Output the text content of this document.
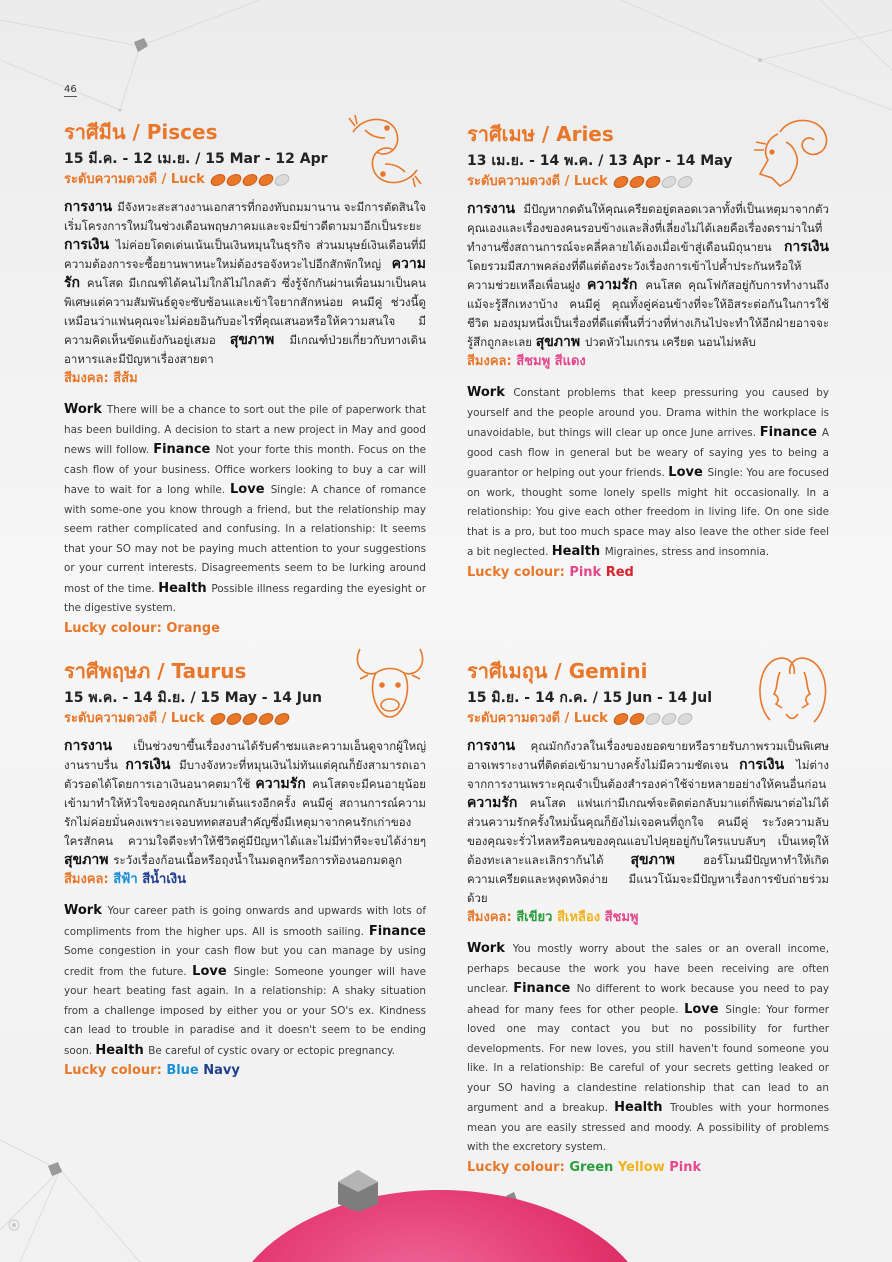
46
ราศีมีน / Pisces
15 มี.ค. - 12 เม.ย. / 15 Mar - 12 Apr
ระดับความดวงดี / Luck
การงาน มีจังหวะสะสางงานเอกสารที่กองทับถมมานาน จะมีการตัดสินใจเริ่มโครงการใหม่ในช่วงเดือนพฤษภาคมและจะมีข่าวดีตามมาอีกเป็นระยะ การเงิน ไม่ค่อยโดดเด่นเน้นเป็นเงินหมุนในธุรกิจ ส่วนมนุษย์เงินเดือนที่มีความต้องการจะซื้อยานพาหนะใหม่ต้องรอจังหวะไปอีกสักพักใหญ่ ความรัก คนโสด มีเกณฑ์ได้คนไม่ใกล้ไม่ไกลตัว ซึ่งรู้จักกันผ่านเพื่อนมาเป็นคนพิเศษแต่ความสัมพันธ์ดูจะซับซ้อนและเข้าใจยากสักหน่อย คนมีคู่ ช่วงนี้ดูเหมือนว่าแฟนคุณจะไม่ค่อยอินกับอะไรที่คุณเสนอหรือให้ความสนใจ มีความคิดเห็นขัดแย้งกันอยู่เสมอ สุขภาพ มีเกณฑ์ป่วยเกี่ยวกับทางเดินอาหารและมีปัญหาเรื่องสายตา
สีมงคล: สีส้ม
Work There will be a chance to sort out the pile of paperwork that has been building. A decision to start a new project in May and good news will follow. Finance Not your forte this month. Focus on the cash flow of your business. Office workers looking to buy a car will have to wait for a long while. Love Single: A chance of romance with some-one you know through a friend, but the relationship may seem rather complicated and confusing. In a relationship: It seems that your SO may not be paying much attention to your suggestions or your current interests. Disagreements seem to be lurking around most of the time. Health Possible illness regarding the eyesight or the digestive system.
Lucky colour: Orange
ราศีเมษ / Aries
13 เม.ย. - 14 พ.ค. / 13 Apr - 14 May
ระดับความดวงดี / Luck
การงาน มีปัญหากดดันให้คุณเครียดอยู่ตลอดเวลาทั้งที่เป็นเหตุมาจากตัวคุณเองและเรื่องของคนรอบข้างและสิ่งที่เลี่ยงไม่ได้เลยคือเรื่องดราม่าในที่ทำงานซึ่งสถานการณ์จะคลี่คลายได้เองเมื่อเข้าสู่เดือนมิถุนายน การเงิน โดยรวมมีสภาพคล่องที่ดีแต่ต้องระวังเรื่องการเข้าไปค้ำประกันหรือให้ความช่วยเหลือเพื่อนฝูง ความรัก คนโสด คุณโฟกัสอยู่กับการทำงานถึงแม้จะรู้สึกเหงาบ้าง คนมีคู่ คุณทั้งคู่ค่อนข้างที่จะให้อิสระต่อกันในการใช้ชีวิต มองมุมหนึ่งเป็นเรื่องที่ดีแต่พื้นที่ว่างที่ห่างเกินไปจะทำให้อีกฝ่ายอาจจะรู้สึกถูกละเลย สุขภาพ ปวดหัวไมเกรน เครียด นอนไม่หลับ
สีมงคล: สีชมพู สีแดง
Work Constant problems that keep pressuring you caused by yourself and the people around you. Drama within the workplace is unavoidable, but things will clear up once June arrives. Finance A good cash flow in general but be weary of saying yes to being a guarantor or helping out your friends. Love Single: You are focused on work, thought some lonely spells might hit occasionally. In a relationship: You give each other freedom in living life. On one side that is a pro, but too much space may also leave the other side feel a bit neglected. Health Migraines, stress and insomnia.
Lucky colour: Pink Red
ราศีพฤษภ / Taurus
15 พ.ค. - 14 มิ.ย. / 15 May - 14 Jun
ระดับความดวงดี / Luck
การงาน เป็นช่วงขาขึ้นเรื่องงานได้รับคำชมและความเอ็นดูจากผู้ใหญ่ งานราบรื่น การเงิน มีบางจังหวะที่หมุนเงินไม่ทันแต่คุณก็ยังสามารถเอาตัวรอดได้โดยการเอาเงินอนาคตมาใช้ ความรัก คนโสดจะมีคนอายุน้อยเข้ามาทำให้หัวใจของคุณกลับมาเต้นแรงอีกครั้ง คนมีคู่ สถานการณ์ความรักไม่ค่อยมั่นคงเพราะเจอบททดสอบสำคัญซึ่งมีเหตุมาจากคนรักเก่าของใครสักคน ความใจดีจะทำให้ชีวิตคู่มีปัญหาได้และไม่มีท่าทีจะจบได้ง่ายๆ สุขภาพ ระวังเรื่องก้อนเนื้อหรือถุงน้ำในมดลูกหรือการท้องนอกมดลูก
สีมงคล: สีฟ้า สีน้ำเงิน
Work Your career path is going onwards and upwards with lots of compliments from the higher ups. All is smooth sailing. Finance Some congestion in your cash flow but you can manage by using credit from the future. Love Single: Someone younger will have your heart beating fast again. In a relationship: A shaky situation from a challenge imposed by either you or your SO's ex. Kindness can lead to trouble in paradise and it doesn't seem to be ending soon. Health Be careful of cystic ovary or ectopic pregnancy.
Lucky colour: Blue Navy
ราศีเมถุน / Gemini
15 มิ.ย. - 14 ก.ค. / 15 Jun - 14 Jul
ระดับความดวงดี / Luck
การงาน คุณมักกังวลในเรื่องของยอดขายหรือรายรับภาพรวมเป็นพิเศษอาจเพราะงานที่ติดต่อเข้ามาบางครั้งไม่มีความชัดเจน การเงิน ไม่ต่างจากการงานเพราะคุณจำเป็นต้องสำรองค่าใช้จ่ายหลายอย่างให้คนอื่นก่อน ความรัก คนโสด แฟนเก่ามีเกณฑ์จะติดต่อกลับมาแต่ก็พัฒนาต่อไม่ได้ ส่วนความรักครั้งใหม่นั้นคุณก็ยังไม่เจอคนที่ถูกใจ คนมีคู่ ระวังความลับของคุณจะรั่วไหลหรือคนของคุณแอบไปคุยอยู่กับใครแบบลับๆ เป็นเหตุให้ต้องทะเลาะและเลิกราก้นได้ สุขภาพ ฮอร์โมนมีปัญหาทำให้เกิดความเครียดและหงุดหงิดง่าย มีแนวโน้มจะมีปัญหาเรื่องการขับถ่ายร่วมด้วย
สีมงคล: สีเขียว สีเหลือง สีชมพู
Work You mostly worry about the sales or an overall income, perhaps because the work you have been receiving are often unclear. Finance No different to work because you need to pay ahead for many fees for other people. Love Single: Your former loved one may contact you but no possibility for further developments. For new loves, you still haven't found someone you like. In a relationship: Be careful of your secrets getting leaked or your SO having a clandestine relationship that can lead to an argument and a breakup. Health Troubles with your hormones mean you are easily stressed and moody. A possibility of problems with the excretory system.
Lucky colour: Green Yellow Pink
